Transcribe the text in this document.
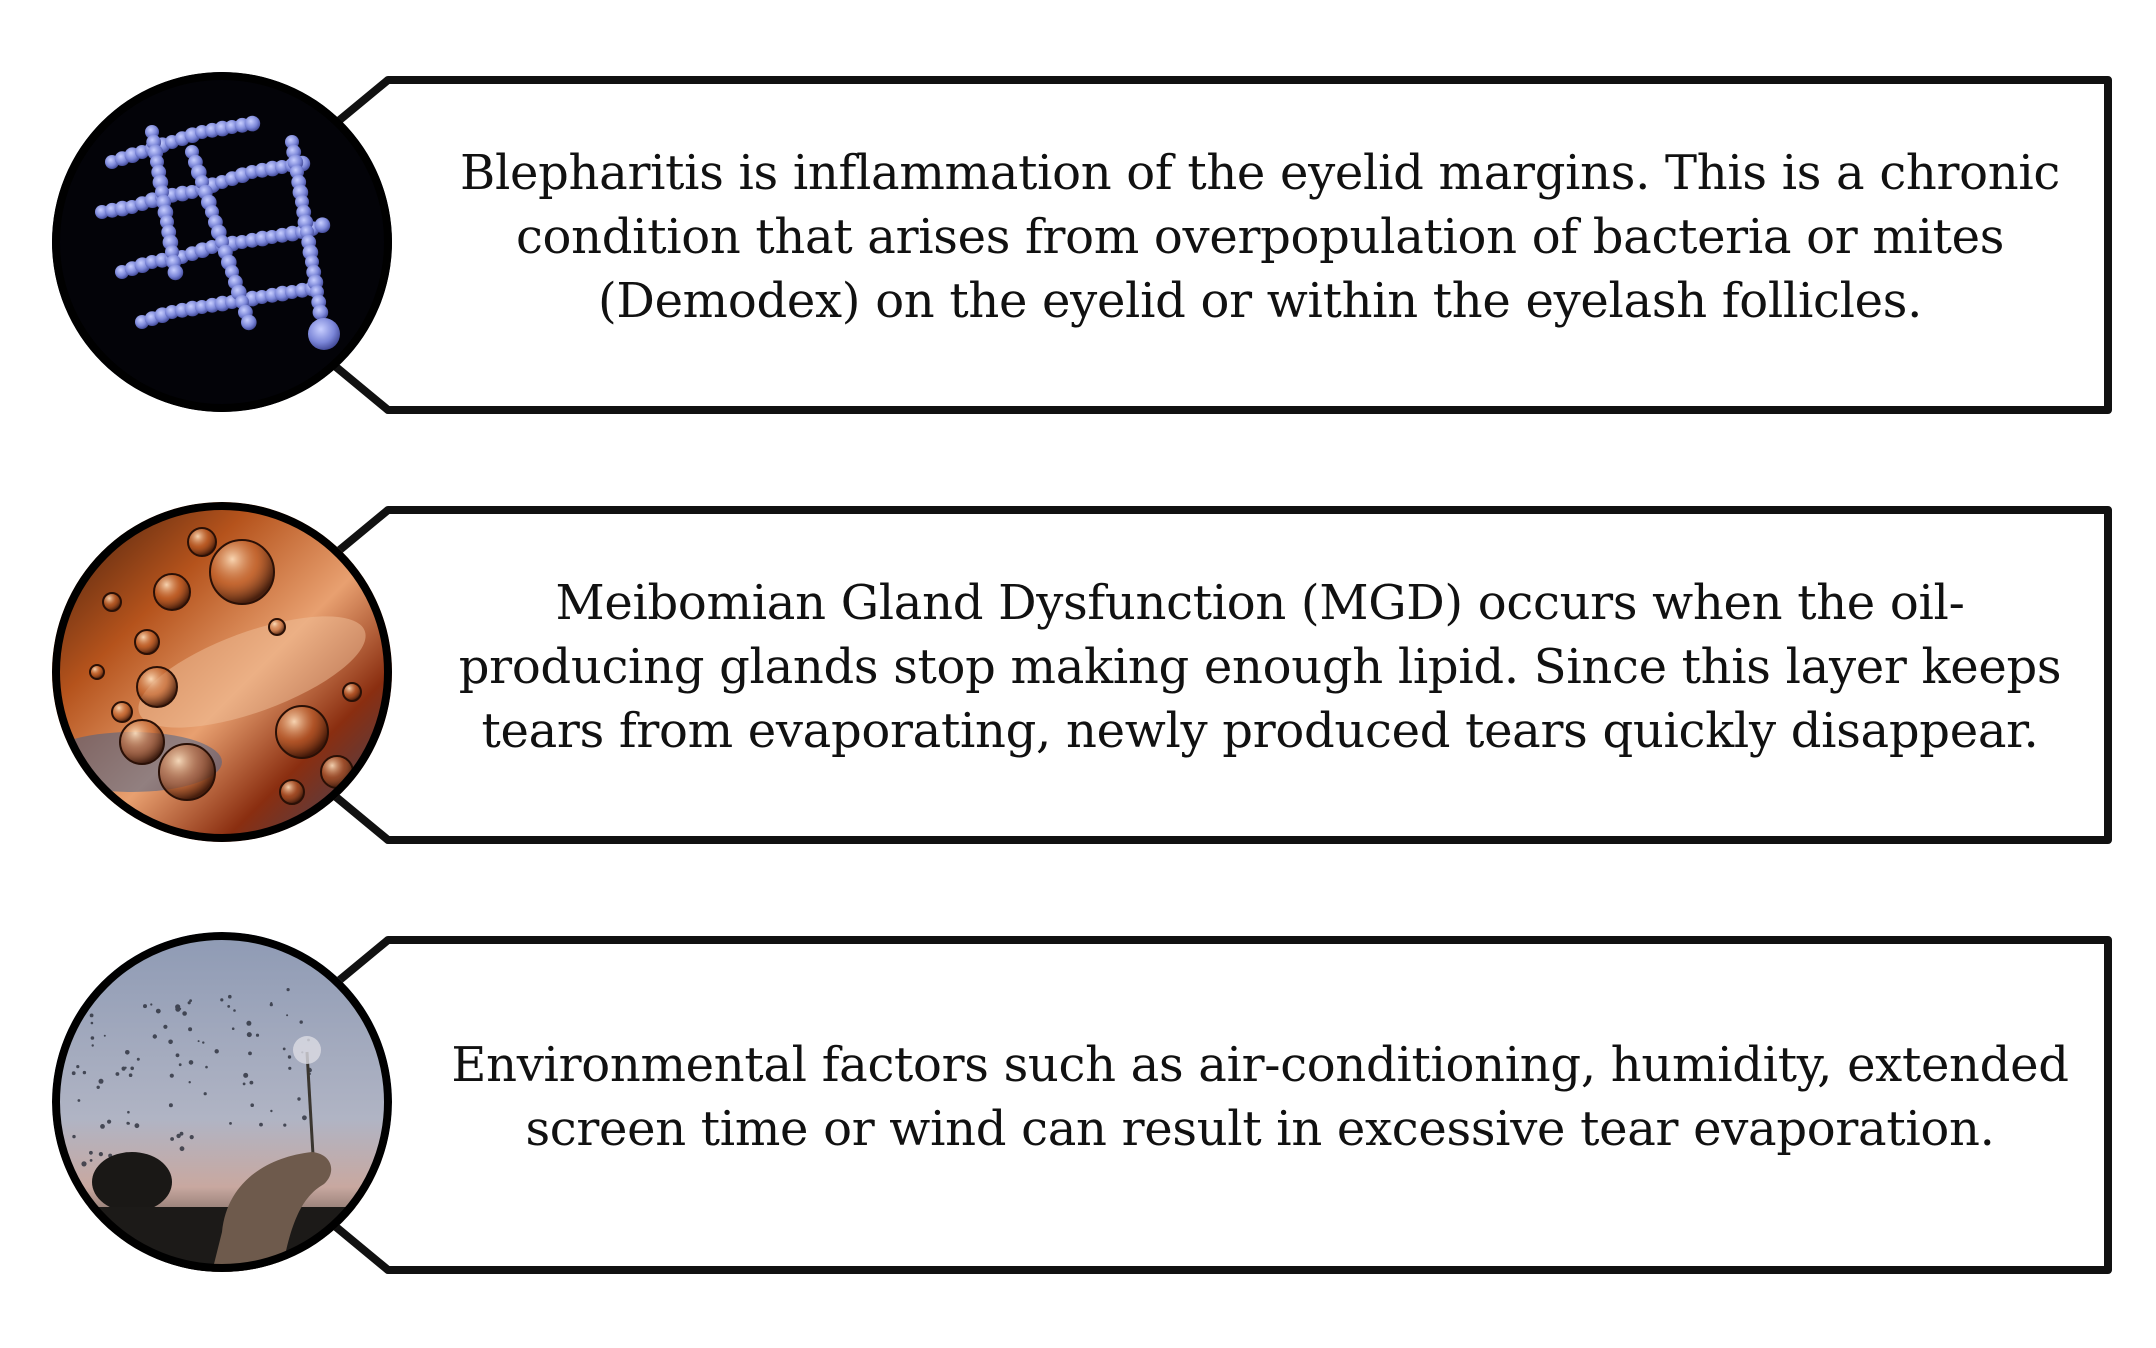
Blepharitis is inflammation of the eyelid margins. This is a chronic condition that arises from overpopulation of bacteria or mites (Demodex) on the eyelid or within the eyelash follicles.

Meibomian Gland Dysfunction (MGD) occurs when the oil-producing glands stop making enough lipid. Since this layer keeps tears from evaporating, newly produced tears quickly disappear.

Environmental factors such as air-conditioning, humidity, extended screen time or wind can result in excessive tear evaporation.
